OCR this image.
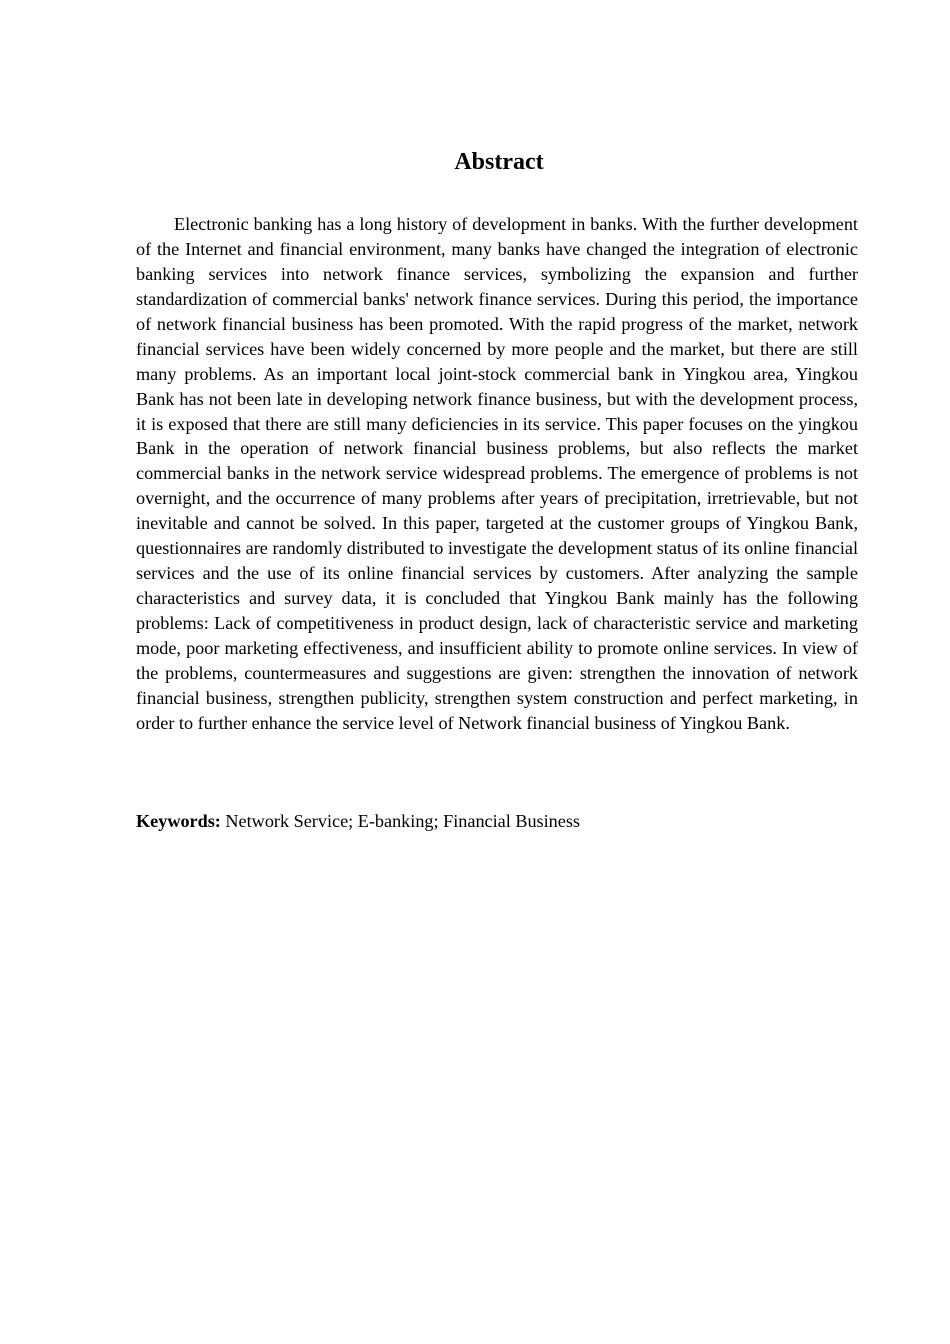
Abstract

Electronic banking has a long history of development in banks. With the further development of the Internet and financial environment, many banks have changed the integration of electronic banking services into network finance services, symbolizing the expansion and further standardization of commercial banks' network finance services. During this period, the importance of network financial business has been promoted. With the rapid progress of the market, network financial services have been widely concerned by more people and the market, but there are still many problems. As an important local joint-stock commercial bank in Yingkou area, Yingkou Bank has not been late in developing network finance business, but with the development process, it is exposed that there are still many deficiencies in its service. This paper focuses on the yingkou Bank in the operation of network financial business problems, but also reflects the market commercial banks in the network service widespread problems. The emergence of problems is not overnight, and the occurrence of many problems after years of precipitation, irretrievable, but not inevitable and cannot be solved. In this paper, targeted at the customer groups of Yingkou Bank, questionnaires are randomly distributed to investigate the development status of its online financial services and the use of its online financial services by customers. After analyzing the sample characteristics and survey data, it is concluded that Yingkou Bank mainly has the following problems: Lack of competitiveness in product design, lack of characteristic service and marketing mode, poor marketing effectiveness, and insufficient ability to promote online services. In view of the problems, countermeasures and suggestions are given: strengthen the innovation of network financial business, strengthen publicity, strengthen system construction and perfect marketing, in order to further enhance the service level of Network financial business of Yingkou Bank.

Keywords: Network Service; E-banking; Financial Business
